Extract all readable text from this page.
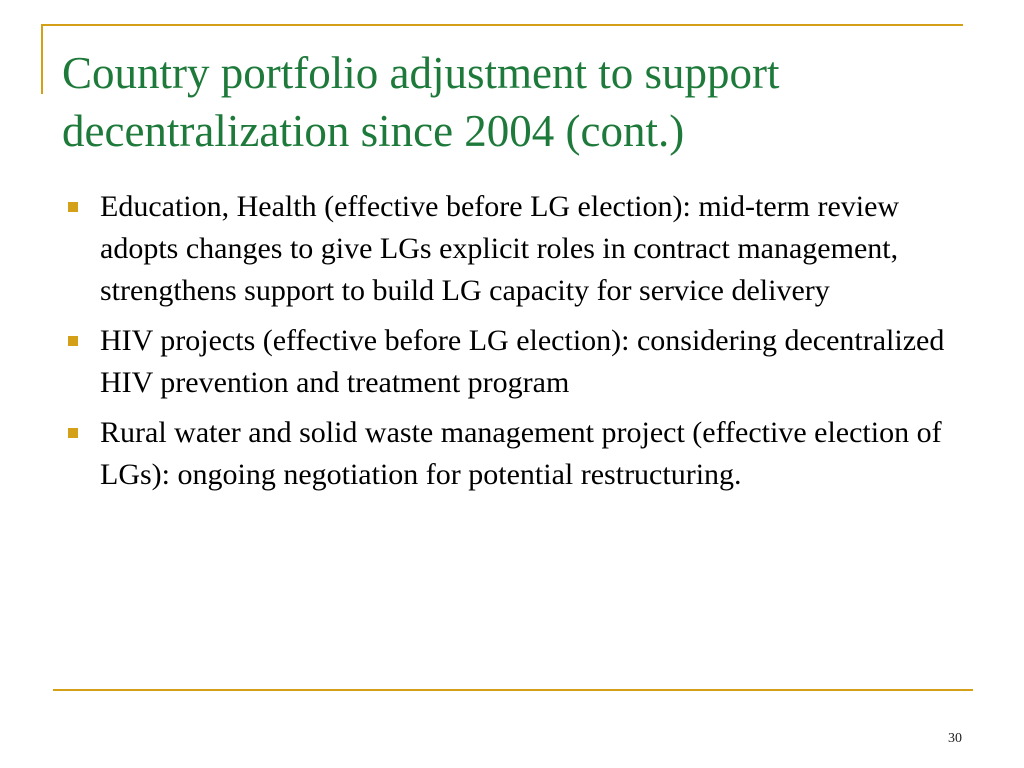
Country portfolio adjustment to support decentralization since 2004 (cont.)
Education, Health (effective before LG election): mid-term review adopts changes to give LGs explicit roles in contract management, strengthens support to build LG capacity for service delivery
HIV projects (effective before LG election): considering decentralized HIV prevention and treatment program
Rural water and solid waste management project (effective election of LGs): ongoing negotiation for potential restructuring.
30
